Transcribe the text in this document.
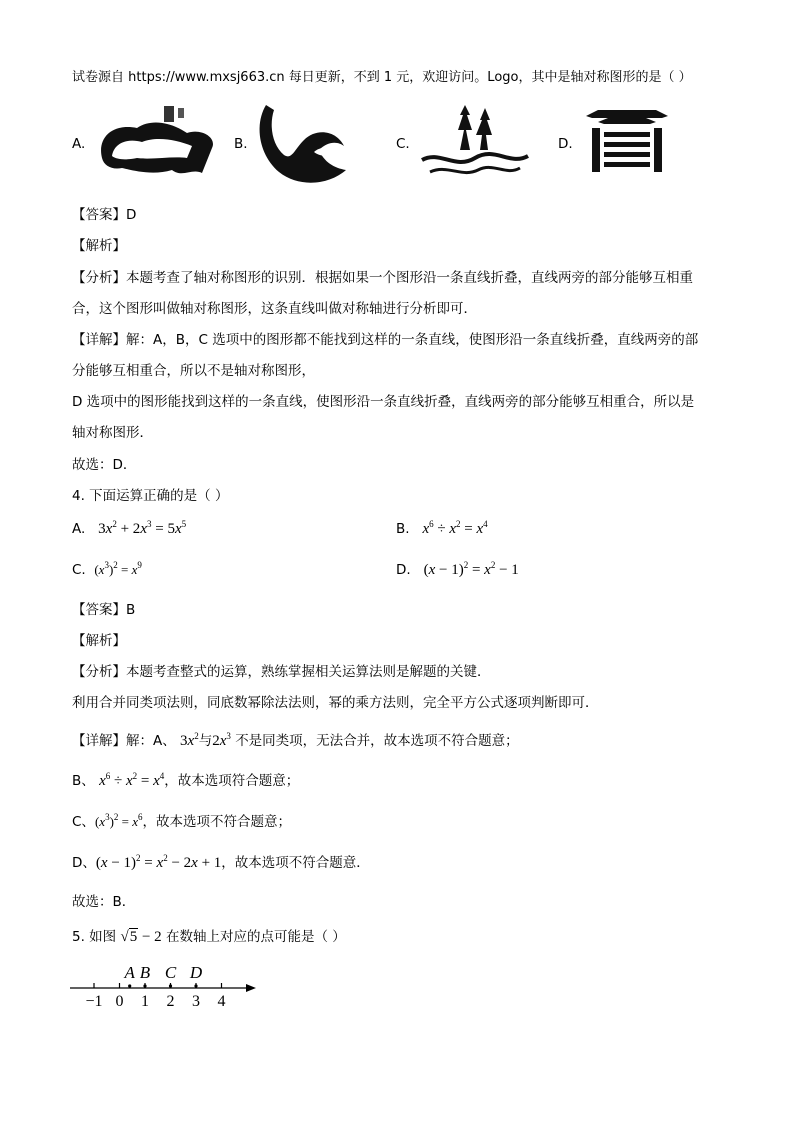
试卷源自 https://www.mxsj663.cn 每日更新，不到 1 元，欢迎访问。Logo，其中是轴对称图形的是（ ）
A.	B.	C.	D.
【答案】D
【解析】
【分析】本题考查了轴对称图形的识别．根据如果一个图形沿一条直线折叠，直线两旁的部分能够互相重
合，这个图形叫做轴对称图形，这条直线叫做对称轴进行分析即可．
【详解】解：A，B，C 选项中的图形都不能找到这样的一条直线，使图形沿一条直线折叠，直线两旁的部
分能够互相重合，所以不是轴对称图形，
D 选项中的图形能找到这样的一条直线，使图形沿一条直线折叠，直线两旁的部分能够互相重合，所以是
轴对称图形．
故选：D．
4. 下面运算正确的是（ ）
A. $3x^2 + 2x^3 = 5x^5$	B. $x^6 \div x^2 = x^4$
C. $(x^3)^2 = x^9$	D. $(x - 1)^2 = x^2 - 1$
【答案】B
【解析】
【分析】本题考查整式的运算，熟练掌握相关运算法则是解题的关键．
利用合并同类项法则，同底数幂除法法则，幂的乘方法则，完全平方公式逐项判断即可．
【详解】解：A、 $3x^2$与$2x^3$ 不是同类项，无法合并，故本选项不符合题意；
B、 $x^6 \div x^2 = x^4$，故本选项符合题意；
C、$(x^3)^2 = x^6$，故本选项不符合题意；
D、$(x - 1)^2 = x^2 - 2x + 1$，故本选项不符合题意．
故选：B．
5. 如图 √5 − 2 在数轴上对应的点可能是（ ）
A B C D
−1 0 1 2 3 4
